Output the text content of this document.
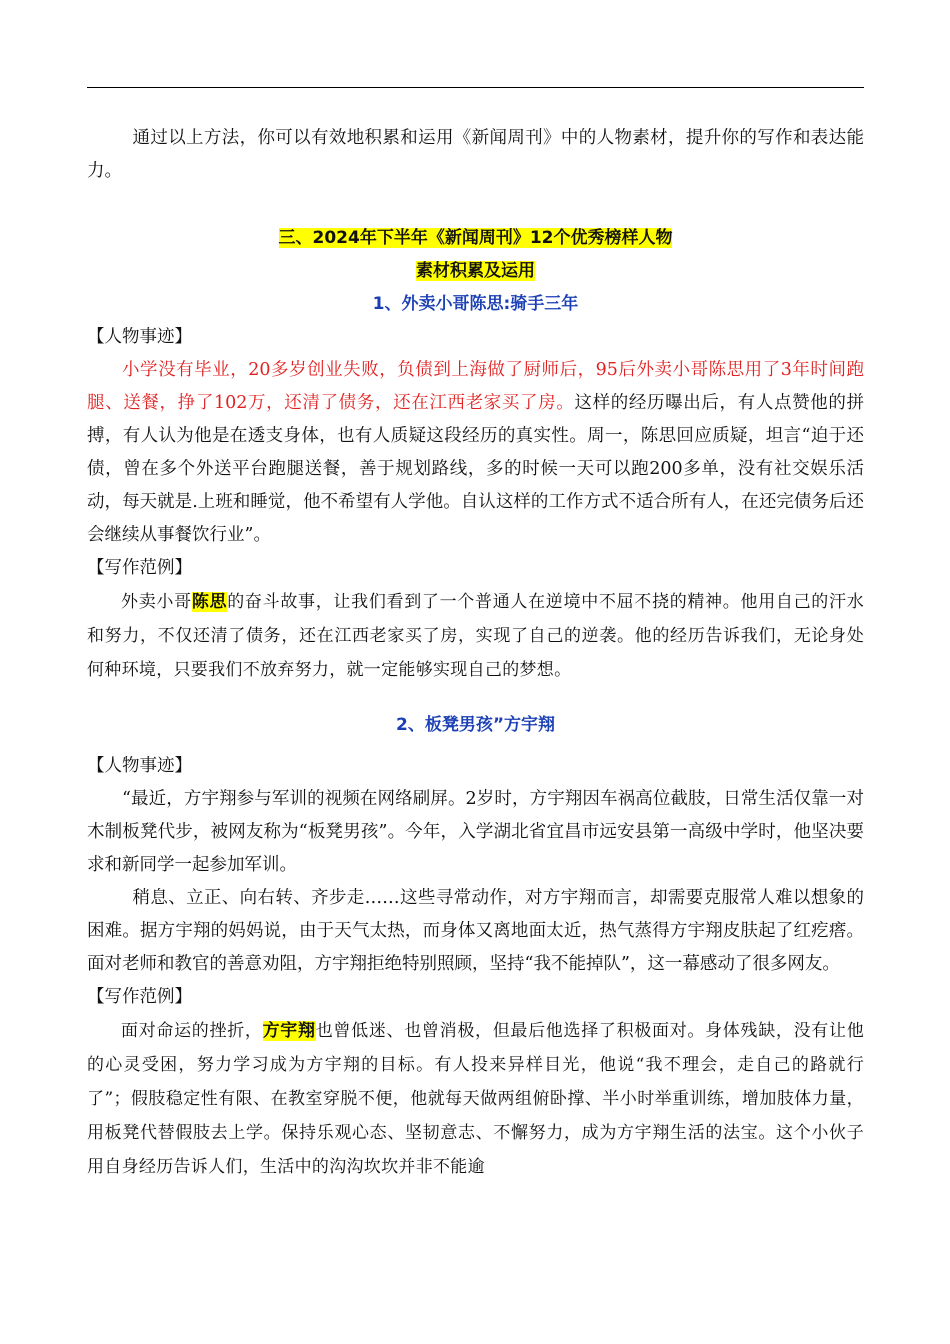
通过以上方法，你可以有效地积累和运用《新闻周刊》中的人物素材，提升你的写作和表达能力。

三、2024年下半年《新闻周刊》12个优秀榜样人物
素材积累及运用
1、外卖小哥陈思:骑手三年
【人物事迹】

小学没有毕业，20多岁创业失败，负债到上海做了厨师后，95后外卖小哥陈思用了3年时间跑腿、送餐，挣了102万，还清了债务，还在江西老家买了房。这样的经历曝出后，有人点赞他的拼搏，有人认为他是在透支身体，也有人质疑这段经历的真实性。周一，陈思回应质疑，坦言“迫于还债，曾在多个外送平台跑腿送餐，善于规划路线，多的时候一天可以跑200多单，没有社交娱乐活动，每天就是.上班和睡觉，他不希望有人学他。自认这样的工作方式不适合所有人，在还完债务后还会继续从事餐饮行业”。

【写作范例】

外卖小哥陈思的奋斗故事，让我们看到了一个普通人在逆境中不屈不挠的精神。他用自己的汗水和努力，不仅还清了债务，还在江西老家买了房，实现了自己的逆袭。他的经历告诉我们，无论身处何种环境，只要我们不放弃努力，就一定能够实现自己的梦想。

2、板凳男孩”方宇翔
【人物事迹】

“最近，方宇翔参与军训的视频在网络刷屏。2岁时，方宇翔因车祸高位截肢，日常生活仅靠一对木制板凳代步，被网友称为“板凳男孩”。今年，入学湖北省宜昌市远安县第一高级中学时，他坚决要求和新同学一起参加军训。

稍息、立正、向右转、齐步走……这些寻常动作，对方宇翔而言，却需要克服常人难以想象的困难。据方宇翔的妈妈说，由于天气太热，而身体又离地面太近，热气蒸得方宇翔皮肤起了红疙瘩。面对老师和教官的善意劝阻，方宇翔拒绝特别照顾，坚持“我不能掉队”，这一幕感动了很多网友。

【写作范例】

面对命运的挫折，方宇翔也曾低迷、也曾消极，但最后他选择了积极面对。身体残缺，没有让他的心灵受困，努力学习成为方宇翔的目标。有人投来异样目光，他说“我不理会，走自己的路就行了”；假肢稳定性有限、在教室穿脱不便，他就每天做两组俯卧撑、半小时举重训练，增加肢体力量，用板凳代替假肢去上学。保持乐观心态、坚韧意志、不懈努力，成为方宇翔生活的法宝。这个小伙子用自身经历告诉人们，生活中的沟沟坎坎并非不能逾
